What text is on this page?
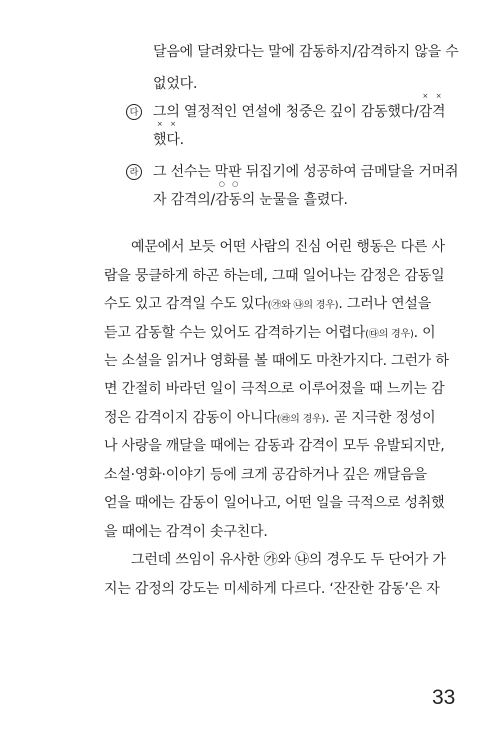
달음에 달려왔다는 말에 감동하지/감격하지 않을 수
없었다.
다 그의 열정적인 연설에 청중은 깊이 감동했다/× 감× 격
× 했× 다.
라 그 선수는 막판 뒤집기에 성공하여 금메달을 거머쥐
자 감격의/○ 감○ 동의 눈물을 흘렸다.
예문에서 보듯 어떤 사람의 진심 어린 행동은 다른 사
람을 뭉클하게 하곤 하는데, 그때 일어나는 감정은 감동일
수도 있고 감격일 수도 있다(㉮와 ㉯의 경우). 그러나 연설을
듣고 감동할 수는 있어도 감격하기는 어렵다(㉰의 경우). 이
는 소설을 읽거나 영화를 볼 때에도 마찬가지다. 그런가 하
면 간절히 바라던 일이 극적으로 이루어졌을 때 느끼는 감
정은 감격이지 감동이 아니다(㉱의 경우). 곧 지극한 정성이
나 사랑을 깨달을 때에는 감동과 감격이 모두 유발되지만,
소설·영화·이야기 등에 크게 공감하거나 깊은 깨달음을
얻을 때에는 감동이 일어나고, 어떤 일을 극적으로 성취했
을 때에는 감격이 솟구친다.
그런데 쓰임이 유사한 ㉮와 ㉯의 경우도 두 단어가 가
지는 감정의 강도는 미세하게 다르다. ‘잔잔한 감동’은 자
33
